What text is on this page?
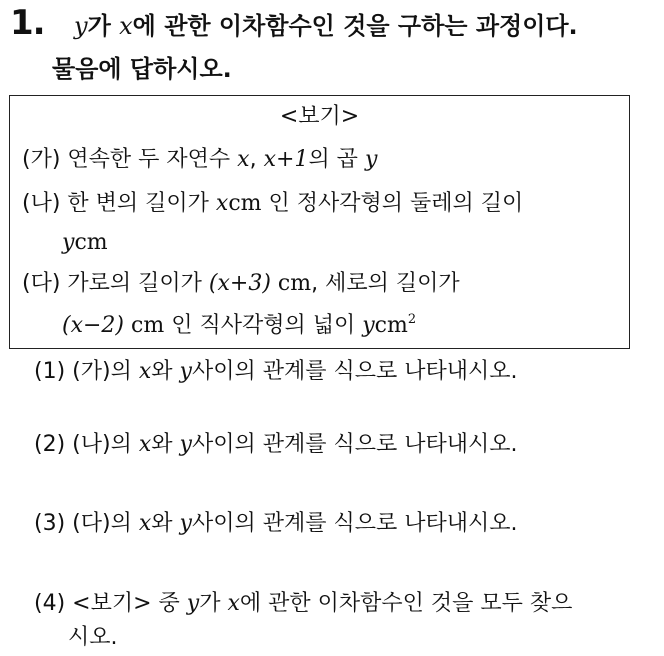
1. y가 x에 관한 이차함수인 것을 구하는 과정이다.
물음에 답하시오.
<보기>
(가) 연속한 두 자연수 x, x+1의 곱 y
(나) 한 변의 길이가 xcm 인 정사각형의 둘레의 길이
ycm
(다) 가로의 길이가 (x+3) cm, 세로의 길이가
(x−2) cm 인 직사각형의 넓이 ycm$^2$
(1) (가)의 x와 y사이의 관계를 식으로 나타내시오.
(2) (나)의 x와 y사이의 관계를 식으로 나타내시오.
(3) (다)의 x와 y사이의 관계를 식으로 나타내시오.
(4) <보기> 중 y가 x에 관한 이차함수인 것을 모두 찾으
시오.
